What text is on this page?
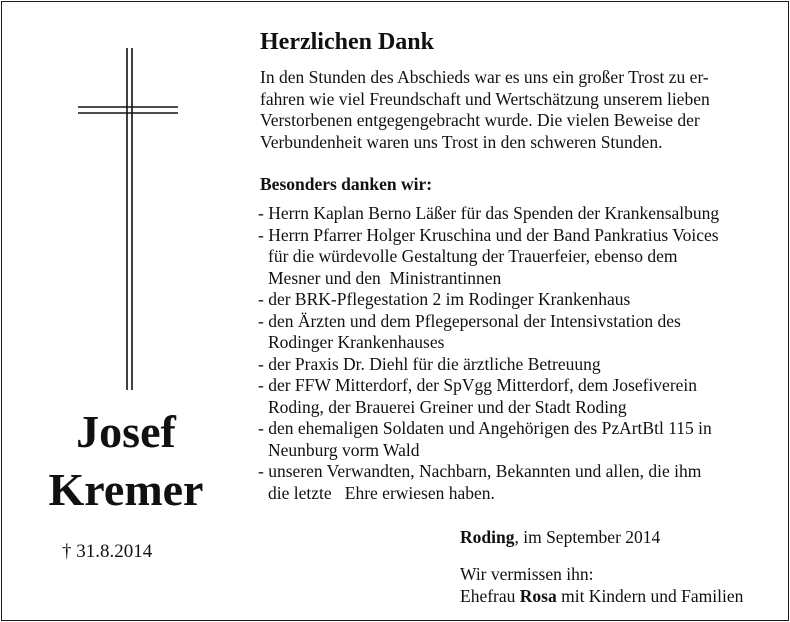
Josef
Kremer
† 31.8.2014
Herzlichen Dank
In den Stunden des Abschieds war es uns ein großer Trost zu er-
fahren wie viel Freundschaft und Wertschätzung unserem lieben
Verstorbenen entgegengebracht wurde. Die vielen Beweise der
Verbundenheit waren uns Trost in den schweren Stunden.
Besonders danken wir:
- Herrn Kaplan Berno Läßer für das Spenden der Krankensalbung
- Herrn Pfarrer Holger Kruschina und der Band Pankratius Voices
für die würdevolle Gestaltung der Trauerfeier, ebenso dem
Mesner und den  Ministrantinnen
- der BRK-Pflegestation 2 im Rodinger Krankenhaus
- den Ärzten und dem Pflegepersonal der Intensivstation des
Rodinger Krankenhauses
- der Praxis Dr. Diehl für die ärztliche Betreuung
- der FFW Mitterdorf, der SpVgg Mitterdorf, dem Josefiverein
Roding, der Brauerei Greiner und der Stadt Roding
- den ehemaligen Soldaten und Angehörigen des PzArtBtl 115 in
Neunburg vorm Wald
- unseren Verwandten, Nachbarn, Bekannten und allen, die ihm
die letzte   Ehre erwiesen haben.
Roding, im September 2014
Wir vermissen ihn:
Ehefrau Rosa mit Kindern und Familien
